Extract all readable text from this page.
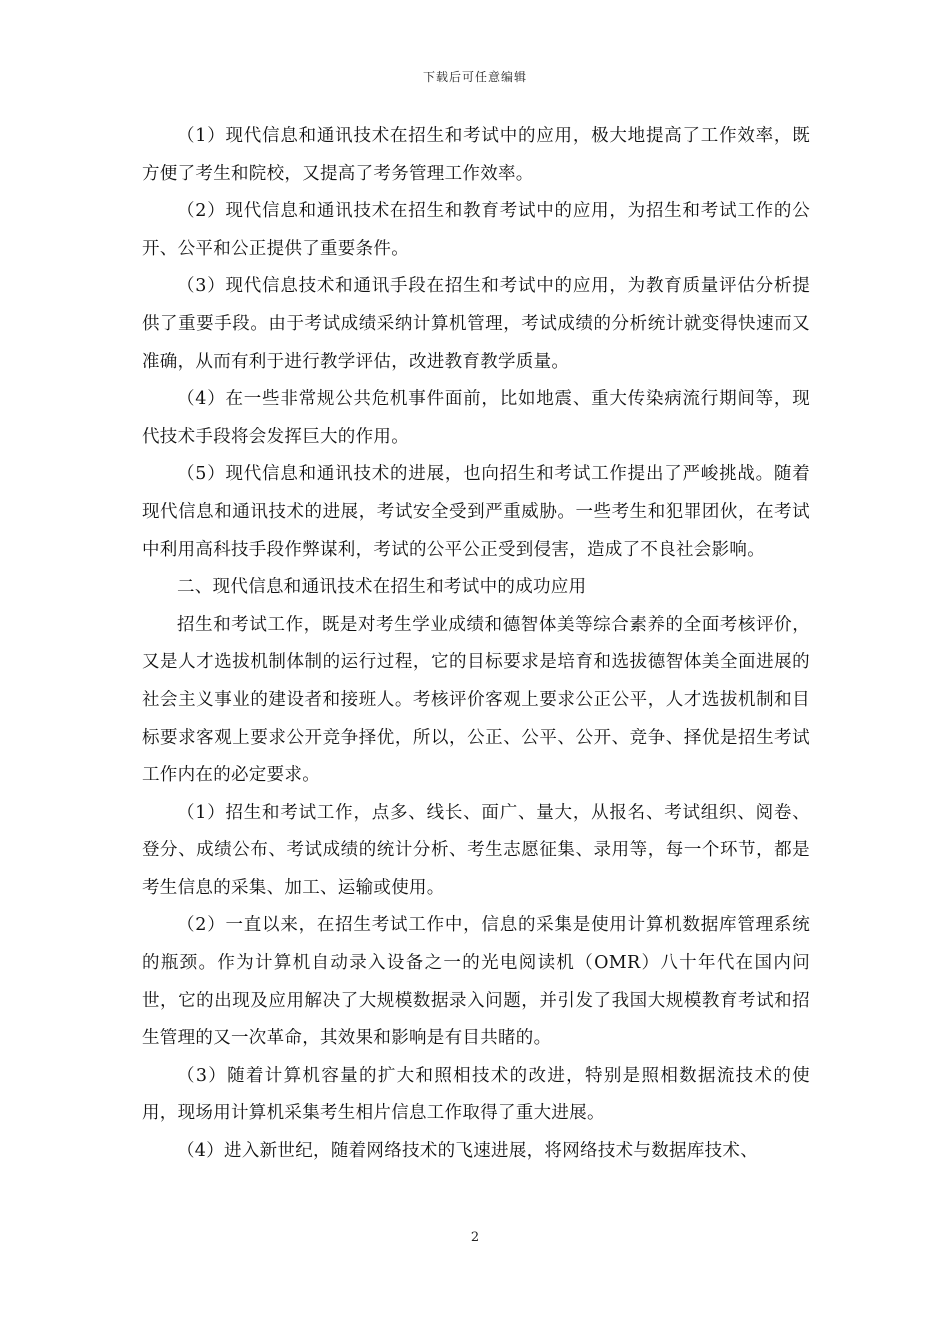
下载后可任意编辑

（1）现代信息和通讯技术在招生和考试中的应用，极大地提高了工作效率，既方便了考生和院校，又提高了考务管理工作效率。

（2）现代信息和通讯技术在招生和教育考试中的应用，为招生和考试工作的公开、公平和公正提供了重要条件。

（3）现代信息技术和通讯手段在招生和考试中的应用，为教育质量评估分析提供了重要手段。由于考试成绩采纳计算机管理，考试成绩的分析统计就变得快速而又准确，从而有利于进行教学评估，改进教育教学质量。

（4）在一些非常规公共危机事件面前，比如地震、重大传染病流行期间等，现代技术手段将会发挥巨大的作用。

（5）现代信息和通讯技术的进展，也向招生和考试工作提出了严峻挑战。随着现代信息和通讯技术的进展，考试安全受到严重威胁。一些考生和犯罪团伙，在考试中利用高科技手段作弊谋利，考试的公平公正受到侵害，造成了不良社会影响。

二、现代信息和通讯技术在招生和考试中的成功应用

招生和考试工作，既是对考生学业成绩和德智体美等综合素养的全面考核评价，又是人才选拔机制体制的运行过程，它的目标要求是培育和选拔德智体美全面进展的社会主义事业的建设者和接班人。考核评价客观上要求公正公平，人才选拔机制和目标要求客观上要求公开竞争择优，所以，公正、公平、公开、竞争、择优是招生考试工作内在的必定要求。

（1）招生和考试工作，点多、线长、面广、量大，从报名、考试组织、阅卷、登分、成绩公布、考试成绩的统计分析、考生志愿征集、录用等，每一个环节，都是考生信息的采集、加工、运输或使用。

（2）一直以来，在招生考试工作中，信息的采集是使用计算机数据库管理系统的瓶颈。作为计算机自动录入设备之一的光电阅读机（OMR）八十年代在国内问世，它的出现及应用解决了大规模数据录入问题，并引发了我国大规模教育考试和招生管理的又一次革命，其效果和影响是有目共睹的。

（3）随着计算机容量的扩大和照相技术的改进，特别是照相数据流技术的使用，现场用计算机采集考生相片信息工作取得了重大进展。

（4）进入新世纪，随着网络技术的飞速进展，将网络技术与数据库技术、

2
